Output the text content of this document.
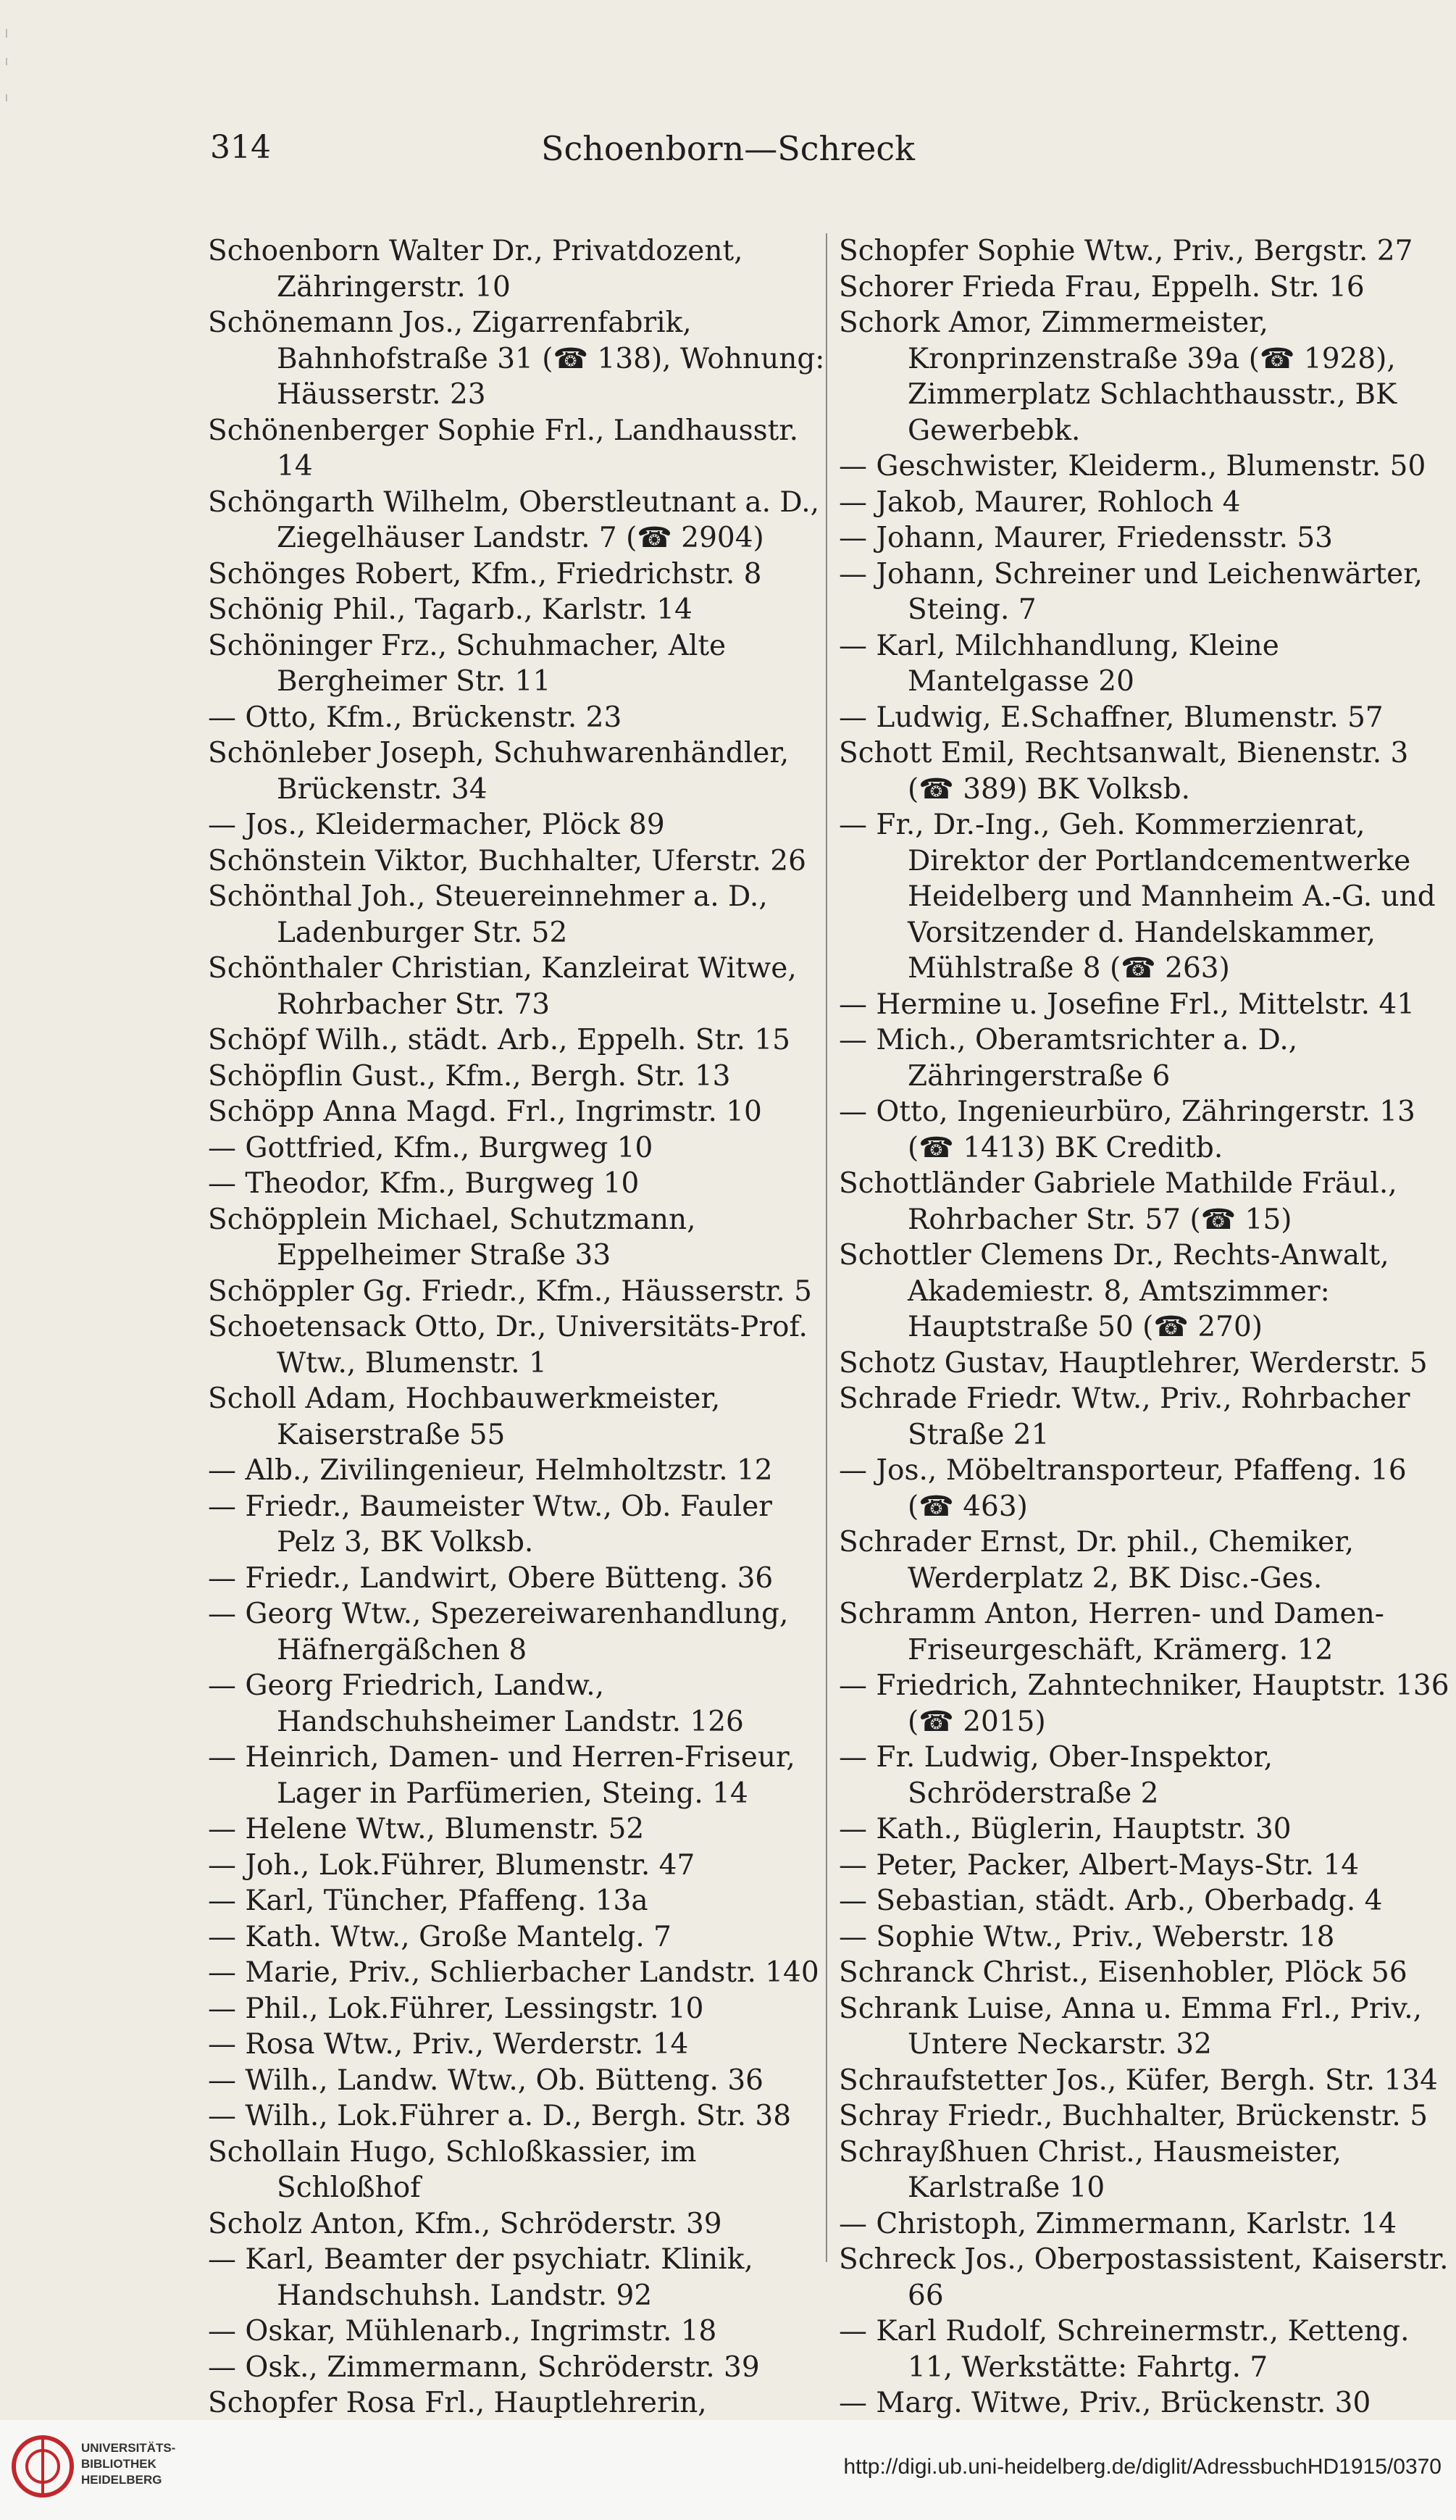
Schoenborn—Schreck
314
Schoenborn Walter Dr., Privatdozent, Zähringerstr. 10
Schönemann Jos., Zigarrenfabrik, Bahnhofstraße 31 (☎ 138), Wohnung: Häusserstr. 23
Schönenberger Sophie Frl., Landhausstr. 14
Schöngarth Wilhelm, Oberstleutnant a. D., Ziegelhäuser Landstr. 7 (☎ 2904)
Schönges Robert, Kfm., Friedrichstr. 8
Schönig Phil., Tagarb., Karlstr. 14
Schöninger Frz., Schuhmacher, Alte Bergheimer Str. 11
— Otto, Kfm., Brückenstr. 23
Schönleber Joseph, Schuhwarenhändler, Brückenstr. 34
— Jos., Kleidermacher, Plöck 89
Schönstein Viktor, Buchhalter, Uferstr. 26
Schönthal Joh., Steuereinnehmer a. D., Ladenburger Str. 52
Schönthaler Christian, Kanzleirat Witwe, Rohrbacher Str. 73
Schöpf Wilh., städt. Arb., Eppelh. Str. 15
Schöpflin Gust., Kfm., Bergh. Str. 13
Schöpp Anna Magd. Frl., Ingrimstr. 10
— Gottfried, Kfm., Burgweg 10
— Theodor, Kfm., Burgweg 10
Schöpplein Michael, Schutzmann, Eppelheimer Straße 33
Schöppler Gg. Friedr., Kfm., Häusserstr. 5
Schoetensack Otto, Dr., Universitäts-Prof. Wtw., Blumenstr. 1
Scholl Adam, Hochbauwerkmeister, Kaiserstraße 55
— Alb., Zivilingenieur, Helmholtzstr. 12
— Friedr., Baumeister Wtw., Ob. Fauler Pelz 3, BK Volksb.
— Friedr., Landwirt, Obere Bütteng. 36
— Georg Wtw., Spezereiwarenhandlung, Häfnergäßchen 8
— Georg Friedrich, Landw., Handschuhsheimer Landstr. 126
— Heinrich, Damen- und Herren-Friseur, Lager in Parfümerien, Steing. 14
— Helene Wtw., Blumenstr. 52
— Joh., Lok.Führer, Blumenstr. 47
— Karl, Tüncher, Pfaffeng. 13a
— Kath. Wtw., Große Mantelg. 7
— Marie, Priv., Schlierbacher Landstr. 140
— Phil., Lok.Führer, Lessingstr. 10
— Rosa Wtw., Priv., Werderstr. 14
— Wilh., Landw. Wtw., Ob. Bütteng. 36
— Wilh., Lok.Führer a. D., Bergh. Str. 38
Schollain Hugo, Schloßkassier, im Schloßhof
Scholz Anton, Kfm., Schröderstr. 39
— Karl, Beamter der psychiatr. Klinik, Handschuhsh. Landstr. 92
— Oskar, Mühlenarb., Ingrimstr. 18
— Osk., Zimmermann, Schröderstr. 39
Schopfer Rosa Frl., Hauptlehrerin,
Schopfer Sophie Wtw., Priv., Bergstr. 27
Schorer Frieda Frau, Eppelh. Str. 16
Schork Amor, Zimmermeister, Kronprinzenstraße 39a (☎ 1928), Zimmerplatz Schlachthausstr., BK Gewerbebk.
— Geschwister, Kleiderm., Blumenstr. 50
— Jakob, Maurer, Rohloch 4
— Johann, Maurer, Friedensstr. 53
— Johann, Schreiner und Leichenwärter, Steing. 7
— Karl, Milchhandlung, Kleine Mantelgasse 20
— Ludwig, E.Schaffner, Blumenstr. 57
Schott Emil, Rechtsanwalt, Bienenstr. 3 (☎ 389) BK Volksb.
— Fr., Dr.-Ing., Geh. Kommerzienrat, Direktor der Portlandcementwerke Heidelberg und Mannheim A.-G. und Vorsitzender d. Handelskammer, Mühlstraße 8 (☎ 263)
— Hermine u. Josefine Frl., Mittelstr. 41
— Mich., Oberamtsrichter a. D., Zähringerstraße 6
— Otto, Ingenieurbüro, Zähringerstr. 13 (☎ 1413) BK Creditb.
Schottländer Gabriele Mathilde Fräul., Rohrbacher Str. 57 (☎ 15)
Schottler Clemens Dr., Rechts-Anwalt, Akademiestr. 8, Amtszimmer: Hauptstraße 50 (☎ 270)
Schotz Gustav, Hauptlehrer, Werderstr. 5
Schrade Friedr. Wtw., Priv., Rohrbacher Straße 21
— Jos., Möbeltransporteur, Pfaffeng. 16 (☎ 463)
Schrader Ernst, Dr. phil., Chemiker, Werderplatz 2, BK Disc.-Ges.
Schramm Anton, Herren- und Damen-Friseurgeschäft, Krämerg. 12
— Friedrich, Zahntechniker, Hauptstr. 136 (☎ 2015)
— Fr. Ludwig, Ober-Inspektor, Schröderstraße 2
— Kath., Büglerin, Hauptstr. 30
— Peter, Packer, Albert-Mays-Str. 14
— Sebastian, städt. Arb., Oberbadg. 4
— Sophie Wtw., Priv., Weberstr. 18
Schranck Christ., Eisenhobler, Plöck 56
Schrank Luise, Anna u. Emma Frl., Priv., Untere Neckarstr. 32
Schraufstetter Jos., Küfer, Bergh. Str. 134
Schray Friedr., Buchhalter, Brückenstr. 5
Schrayßhuen Christ., Hausmeister, Karlstraße 10
— Christoph, Zimmermann, Karlstr. 14
Schreck Jos., Oberpostassistent, Kaiserstr. 66
— Karl Rudolf, Schreinermstr., Kettеng. 11, Werkstätte: Fahrtg. 7
— Marg. Witwe, Priv., Brückenstr. 30
UNIVERSITÄTS-
BIBLIOTHEK
HEIDELBERG
http://digi.ub.uni-heidelberg.de/diglit/AdressbuchHD1915/0370
